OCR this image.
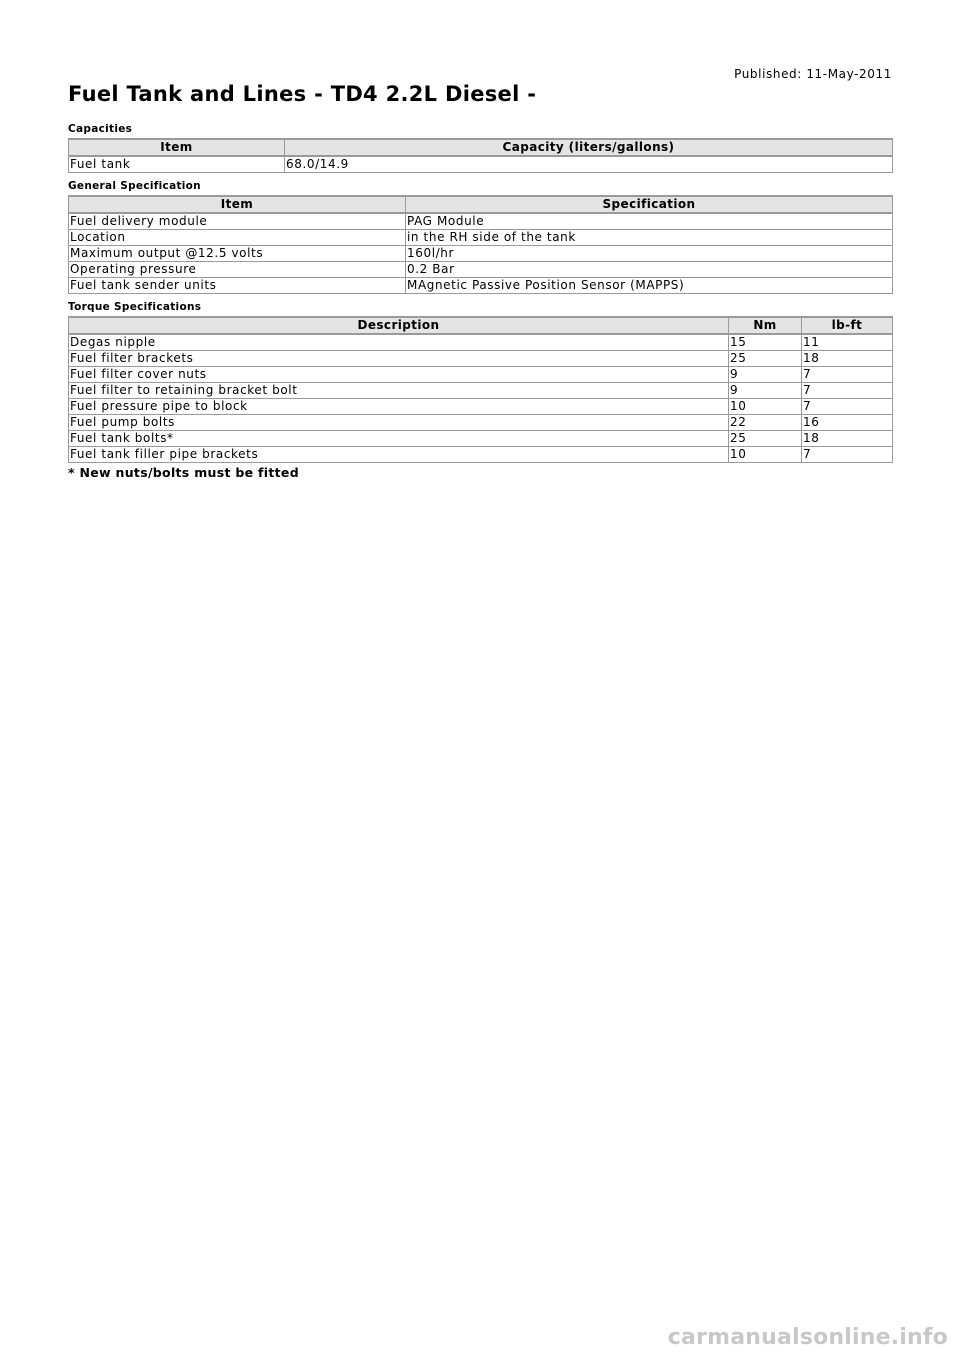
Published: 11-May-2011
Fuel Tank and Lines - TD4 2.2L Diesel -
Capacities
Item	Capacity (liters/gallons)
Fuel tank	68.0/14.9
General Specification
Item	Specification
Fuel delivery module	PAG Module
Location	in the RH side of the tank
Maximum output @12.5 volts	160l/hr
Operating pressure	0.2 Bar
Fuel tank sender units	MAgnetic Passive Position Sensor (MAPPS)
Torque Specifications
Description	Nm	lb-ft
Degas nipple	15	11
Fuel filter brackets	25	18
Fuel filter cover nuts	9	7
Fuel filter to retaining bracket bolt	9	7
Fuel pressure pipe to block	10	7
Fuel pump bolts	22	16
Fuel tank bolts*	25	18
Fuel tank filler pipe brackets	10	7
* New nuts/bolts must be fitted
carmanualsonline.info
